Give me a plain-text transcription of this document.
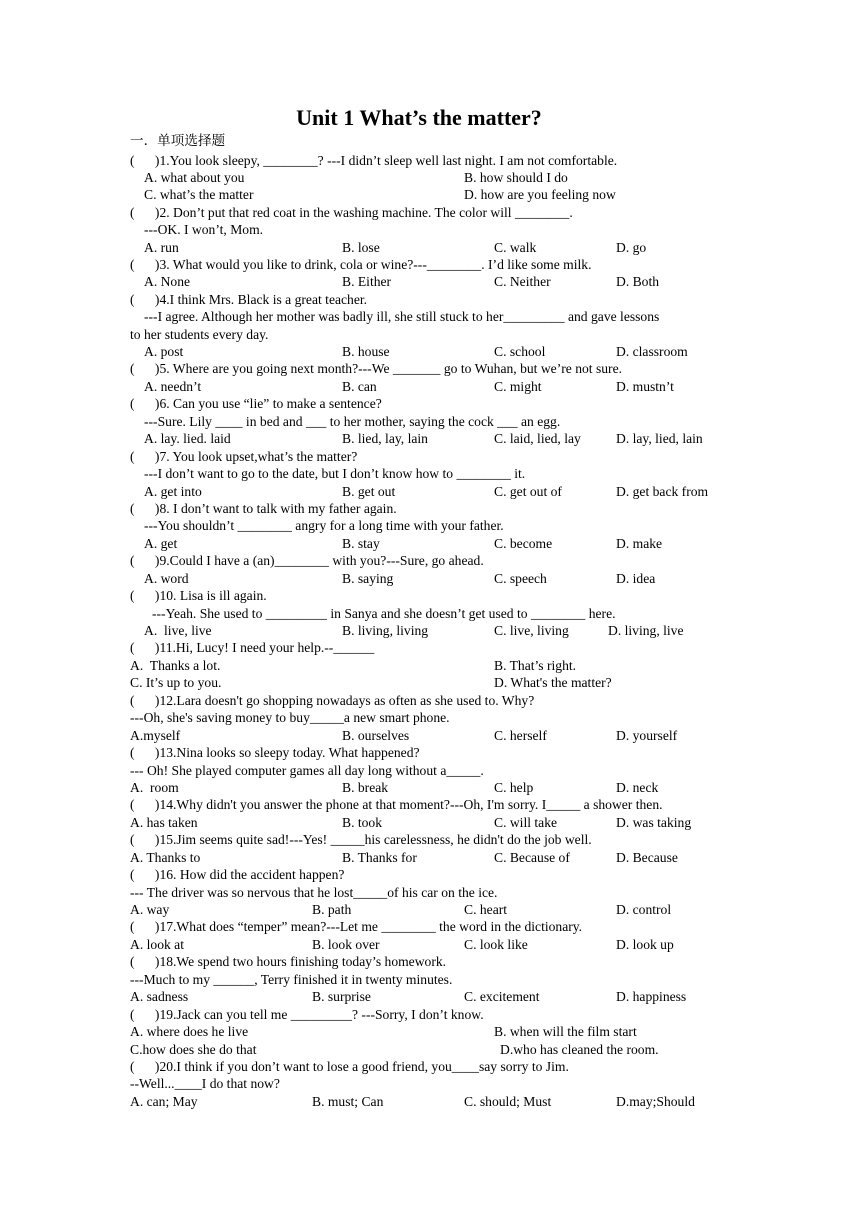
Unit 1 What’s the matter?
一．单项选择题
(      )1.You look sleepy, ________? ---I didn’t sleep well last night. I am not comfortable.
A. what about you	B. how should I do
C. what’s the matter	D. how are you feeling now
(      )2. Don’t put that red coat in the washing machine. The color will ________.
---OK. I won’t, Mom.
A. run	B. lose	C. walk	D. go
(      )3. What would you like to drink, cola or wine?---________. I’d like some milk.
A. None	B. Either	C. Neither	D. Both
(      )4.I think Mrs. Black is a great teacher.
---I agree. Although her mother was badly ill, she still stuck to her_________ and gave lessons
to her students every day.
A. post	B. house	C. school	D. classroom
(      )5. Where are you going next month?---We _______ go to Wuhan, but we’re not sure.
A. needn’t	B. can	C. might	D. mustn’t
(      )6. Can you use “lie” to make a sentence?
---Sure. Lily ____ in bed and ___ to her mother, saying the cock ___ an egg.
A. lay. lied. laid	B. lied, lay, lain	C. laid, lied, lay	D. lay, lied, lain
(      )7. You look upset,what’s the matter?
---I don’t want to go to the date, but I don’t know how to ________ it.
A. get into	B. get out	C. get out of	D. get back from
(      )8. I don’t want to talk with my father again.
---You shouldn’t ________ angry for a long time with your father.
A. get	B. stay	C. become	D. make
(      )9.Could I have a (an)________ with you?---Sure, go ahead.
A. word	B. saying	C. speech	D. idea
(      )10. Lisa is ill again.
---Yeah. She used to _________ in Sanya and she doesn’t get used to ________ here.
A.  live, live	B. living, living	C. live, living	D. living, live
(      )11.Hi, Lucy! I need your help.--______
A.  Thanks a lot.	B. That’s right.
C. It’s up to you.	D. What's the matter?
(      )12.Lara doesn't go shopping nowadays as often as she used to. Why?
---Oh, she's saving money to buy_____a new smart phone.
A.myself	B. ourselves	C. herself	D. yourself
(      )13.Nina looks so sleepy today. What happened?
--- Oh! She played computer games all day long without a_____.
A.  room	B. break	C. help	D. neck
(      )14.Why didn't you answer the phone at that moment?---Oh, I'm sorry. I_____ a shower then.
A. has taken	B. took	C. will take	D. was taking
(      )15.Jim seems quite sad!---Yes! _____his carelessness, he didn't do the job well.
A. Thanks to	B. Thanks for	C. Because of	D. Because
(      )16. How did the accident happen?
--- The driver was so nervous that he lost_____of his car on the ice.
A. way	B. path	C. heart	D. control
(      )17.What does “temper” mean?---Let me ________ the word in the dictionary.
A. look at	B. look over	C. look like	D. look up
(      )18.We spend two hours finishing today’s homework.
---Much to my ______, Terry finished it in twenty minutes.
A. sadness	B. surprise	C. excitement	D. happiness
(      )19.Jack can you tell me _________? ---Sorry, I don’t know.
A. where does he live	B. when will the film start
C.how does she do that	D.who has cleaned the room.
(      )20.I think if you don’t want to lose a good friend, you____say sorry to Jim.
--Well...____I do that now?
A. can; May	B. must; Can	C. should; Must	D.may;Should
